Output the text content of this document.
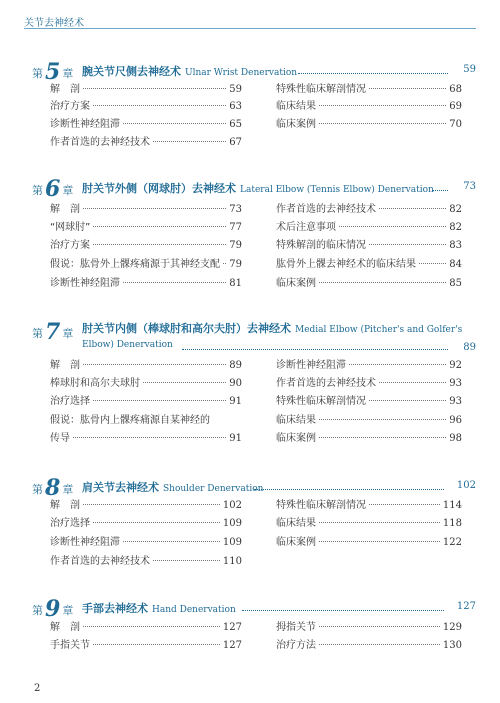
关节去神经术
第5 章 腕关节尺侧去神经术 Ulnar Wrist Denervation	59
解　剖	59
治疗方案	63
诊断性神经阻滞	65
作者首选的去神经技术	67
特殊性临床解剖情况	68
临床结果	69
临床案例	70
第6 章 肘关节外侧（网球肘）去神经术 Lateral Elbow (Tennis Elbow) Denervation	73
解　剖	73
“网球肘”	77
治疗方案	79
假说：肱骨外上髁疼痛源于其神经支配 79
诊断性神经阻滞	81
作者首选的去神经技术	82
术后注意事项	82
特殊解剖的临床情况	83
肱骨外上髁去神经术的临床结果	84
临床案例	85
第7 章 肘关节内侧（棒球肘和高尔夫肘）去神经术 Medial Elbow (Pitcher's and Golfer's
Elbow) Denervation	89
解　剖	89
棒球肘和高尔夫球肘	90
治疗选择	91
假说：肱骨内上髁疼痛源自某神经的
传导	91
诊断性神经阻滞	92
作者首选的去神经技术	93
特殊性临床解剖情况	93
临床结果	96
临床案例	98
第8 章 肩关节去神经术 Shoulder Denervation	102
解　剖	102
治疗选择	109
诊断性神经阻滞	109
作者首选的去神经技术	110
特殊性临床解剖情况	114
临床结果	118
临床案例	122
第9 章 手部去神经术 Hand Denervation	127
解　剖	127
手指关节	127
拇指关节	129
治疗方法	130
2
